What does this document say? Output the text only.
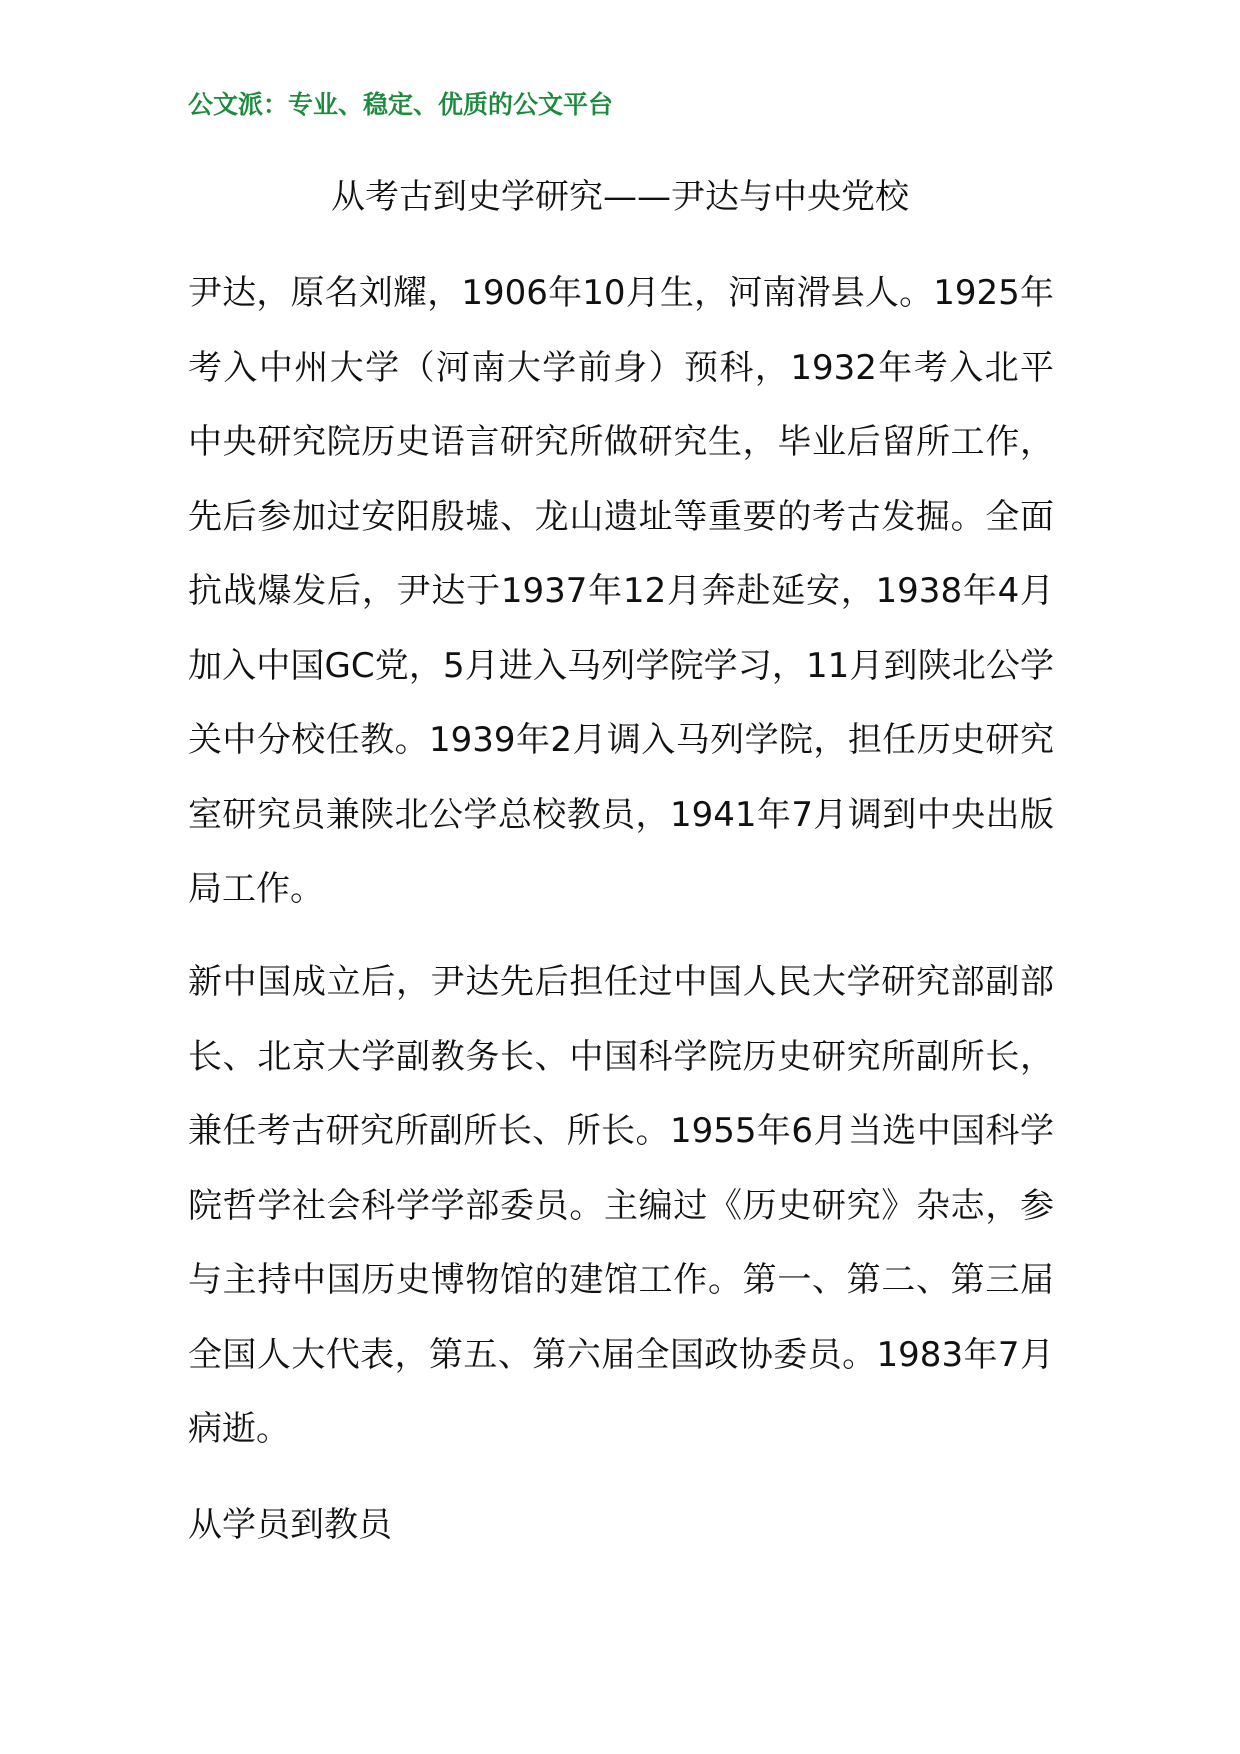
公文派：专业、稳定、优质的公文平台
从考古到史学研究——尹达与中央党校

尹达，原名刘耀，1906年10月生，河南滑县人。1925年考入中州大学（河南大学前身）预科，1932年考入北平中央研究院历史语言研究所做研究生，毕业后留所工作，先后参加过安阳殷墟、龙山遗址等重要的考古发掘。全面抗战爆发后，尹达于1937年12月奔赴延安，1938年4月加入中国GC党，5月进入马列学院学习，11月到陕北公学关中分校任教。1939年2月调入马列学院，担任历史研究室研究员兼陕北公学总校教员，1941年7月调到中央出版局工作。

新中国成立后，尹达先后担任过中国人民大学研究部副部长、北京大学副教务长、中国科学院历史研究所副所长，兼任考古研究所副所长、所长。1955年6月当选中国科学院哲学社会科学学部委员。主编过《历史研究》杂志，参与主持中国历史博物馆的建馆工作。第一、第二、第三届全国人大代表，第五、第六届全国政协委员。1983年7月病逝。

从学员到教员
